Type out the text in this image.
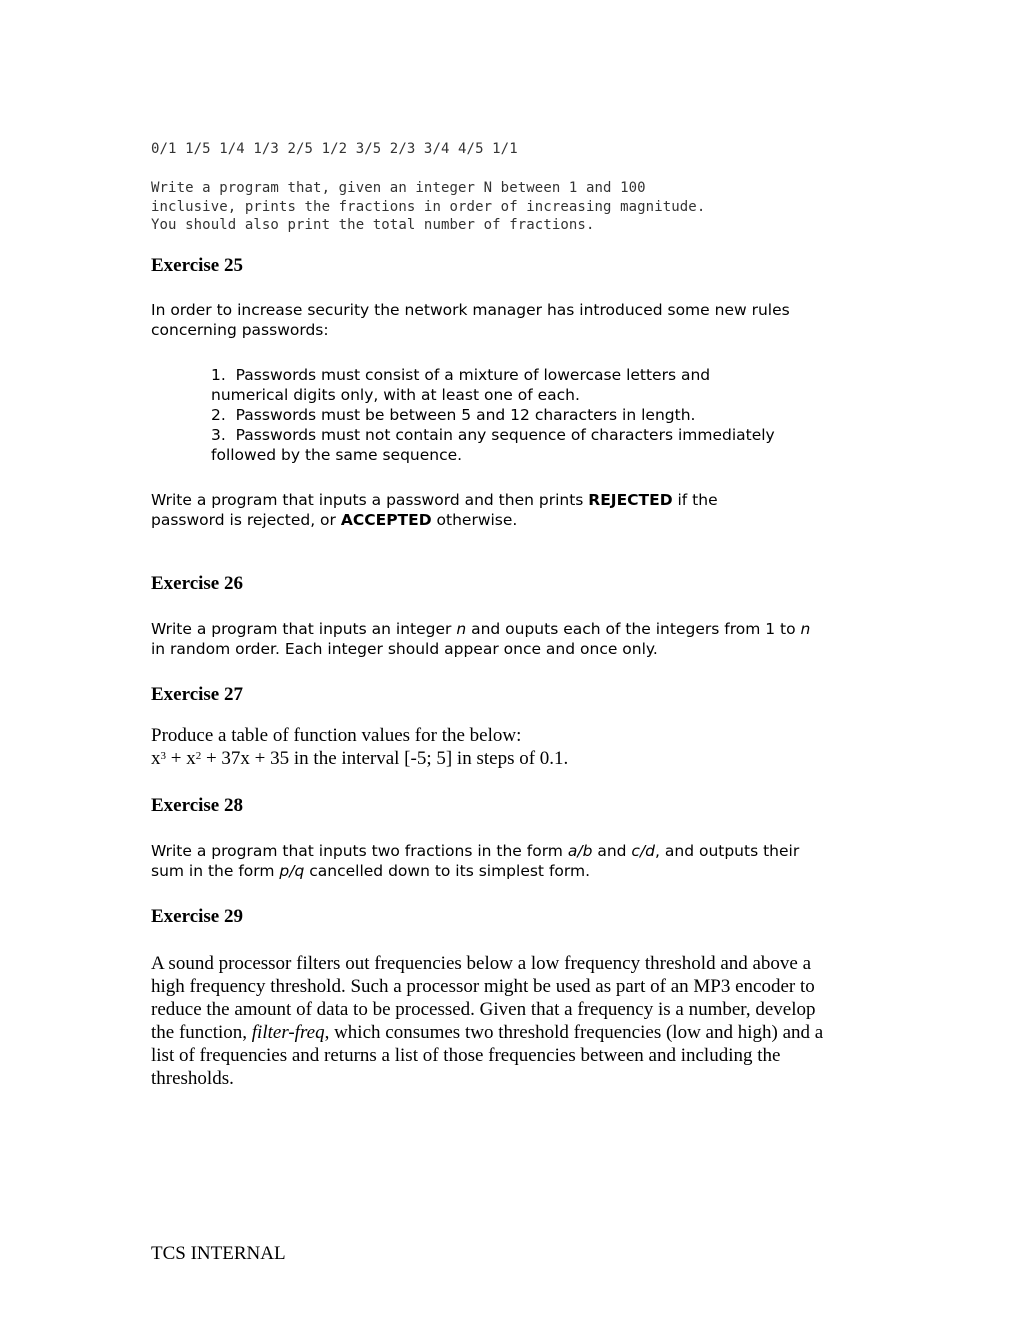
0/1 1/5 1/4 1/3 2/5 1/2 3/5 2/3 3/4 4/5 1/1
Write a program that, given an integer N between 1 and 100
inclusive, prints the fractions in order of increasing magnitude.
You should also print the total number of fractions.
Exercise 25
In order to increase security the network manager has introduced some new rules
concerning passwords:
1.  Passwords must consist of a mixture of lowercase letters and
numerical digits only, with at least one of each.
2.  Passwords must be between 5 and 12 characters in length.
3.  Passwords must not contain any sequence of characters immediately
followed by the same sequence.
Write a program that inputs a password and then prints REJECTED if the
password is rejected, or ACCEPTED otherwise.
Exercise 26
Write a program that inputs an integer n and ouputs each of the integers from 1 to n
in random order. Each integer should appear once and once only.
Exercise 27
Produce a table of function values for the below:
$x^3 + x^2 + 37x + 35$ in the interval [-5; 5] in steps of 0.1.
Exercise 28
Write a program that inputs two fractions in the form a/b and c/d, and outputs their
sum in the form p/q cancelled down to its simplest form.
Exercise 29
A sound processor filters out frequencies below a low frequency threshold and above a
high frequency threshold. Such a processor might be used as part of an MP3 encoder to
reduce the amount of data to be processed. Given that a frequency is a number, develop
the function, filter-freq, which consumes two threshold frequencies (low and high) and a
list of frequencies and returns a list of those frequencies between and including the
thresholds.
TCS INTERNAL
